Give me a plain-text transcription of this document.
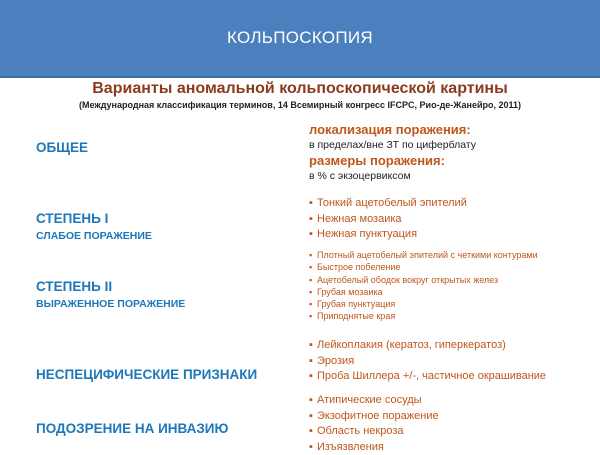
КОЛЬПОСКОПИЯ
Варианты аномальной кольпоскопической картины
(Международная классификация терминов, 14 Всемирный конгресс IFCPC, Рио-де-Жанейро, 2011)
ОБЩЕЕ
СТЕПЕНЬ I
СЛАБОЕ ПОРАЖЕНИЕ
СТЕПЕНЬ II
ВЫРАЖЕННОЕ ПОРАЖЕНИЕ
НЕСПЕЦИФИЧЕСКИЕ ПРИЗНАКИ
ПОДОЗРЕНИЕ НА ИНВАЗИЮ
локализация поражения:
в пределах/вне ЗТ по циферблату
размеры поражения:
в % с экзоцервиксом
▪ Тонкий ацетобелый эпителий
▪ Нежная мозаика
▪ Нежная пунктуация
▪ Плотный ацетобелый эпителий с четкими контурами
▪ Быстрое побеление
▪ Ацетобелый ободок вокруг открытых желез
▪ Грубая мозаика
▪ Грубая пунктуация
▪ Приподнятые края
▪ Лейкоплакия (кератоз, гиперкератоз)
▪ Эрозия
▪ Проба Шиллера +/-, частичное окрашивание
▪ Атипические сосуды
▪ Экзофитное поражение
▪ Область некроза
▪ Изъязвления
